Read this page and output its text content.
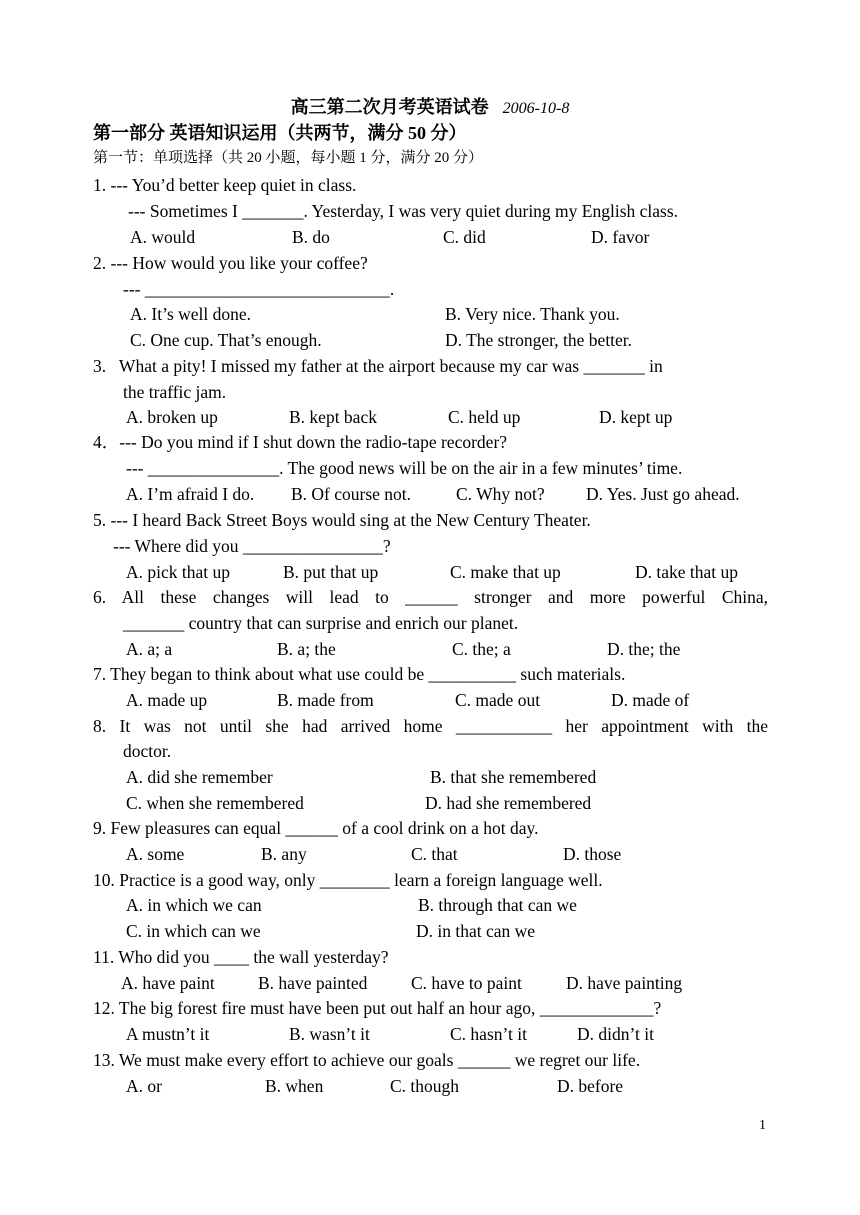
高三第二次月考英语试卷 2006-10-8
第一部分 英语知识运用（共两节，满分 50 分）
第一节：单项选择（共 20 小题，每小题 1 分，满分 20 分）
1. --- You’d better keep quiet in class.
--- Sometimes I _______. Yesterday, I was very quiet during my English class.
A. would	B. do	C. did	D. favor
2. --- How would you like your coffee?
--- ____________________________.
A. It’s well done.	B. Very nice. Thank you.
C. One cup. That’s enough.	D. The stronger, the better.
3.   What a pity! I missed my father at the airport because my car was _______ in
the traffic jam.
A. broken up	B. kept back	C. held up	D. kept up
4．--- Do you mind if I shut down the radio-tape recorder?
--- _______________. The good news will be on the air in a few minutes’ time.
A. I’m afraid I do. B. Of course not.	C. Why not? D. Yes. Just go ahead.
5. --- I heard Back Street Boys would sing at the New Century Theater.
--- Where did you ________________?
A. pick that up	B. put that up	C. make that up	D. take that up
6. All these changes will lead to ______ stronger and more powerful China,
_______ country that can surprise and enrich our planet.
A. a; a	B. a; the	C. the; a	D. the; the
7. They began to think about what use could be __________ such materials.
A. made up	B. made from	C. made out	D. made of
8. It was not until she had arrived home ___________ her appointment with the
doctor.
A. did she remember	B. that she remembered
C. when she remembered	D. had she remembered
9. Few pleasures can equal ______ of a cool drink on a hot day.
A. some	B. any	C. that	D. those
10. Practice is a good way, only ________ learn a foreign language well.
A. in which we can	B. through that can we
C. in which can we	D. in that can we
11. Who did you ____ the wall yesterday?
A. have paint B. have painted C. have to paint	D. have painting
12. The big forest fire must have been put out half an hour ago, _____________?
A mustn’t it	B. wasn’t it	C. hasn’t it	D. didn’t it
13. We must make every effort to achieve our goals ______ we regret our life.
A. or	B. when	C. though	D. before
1
